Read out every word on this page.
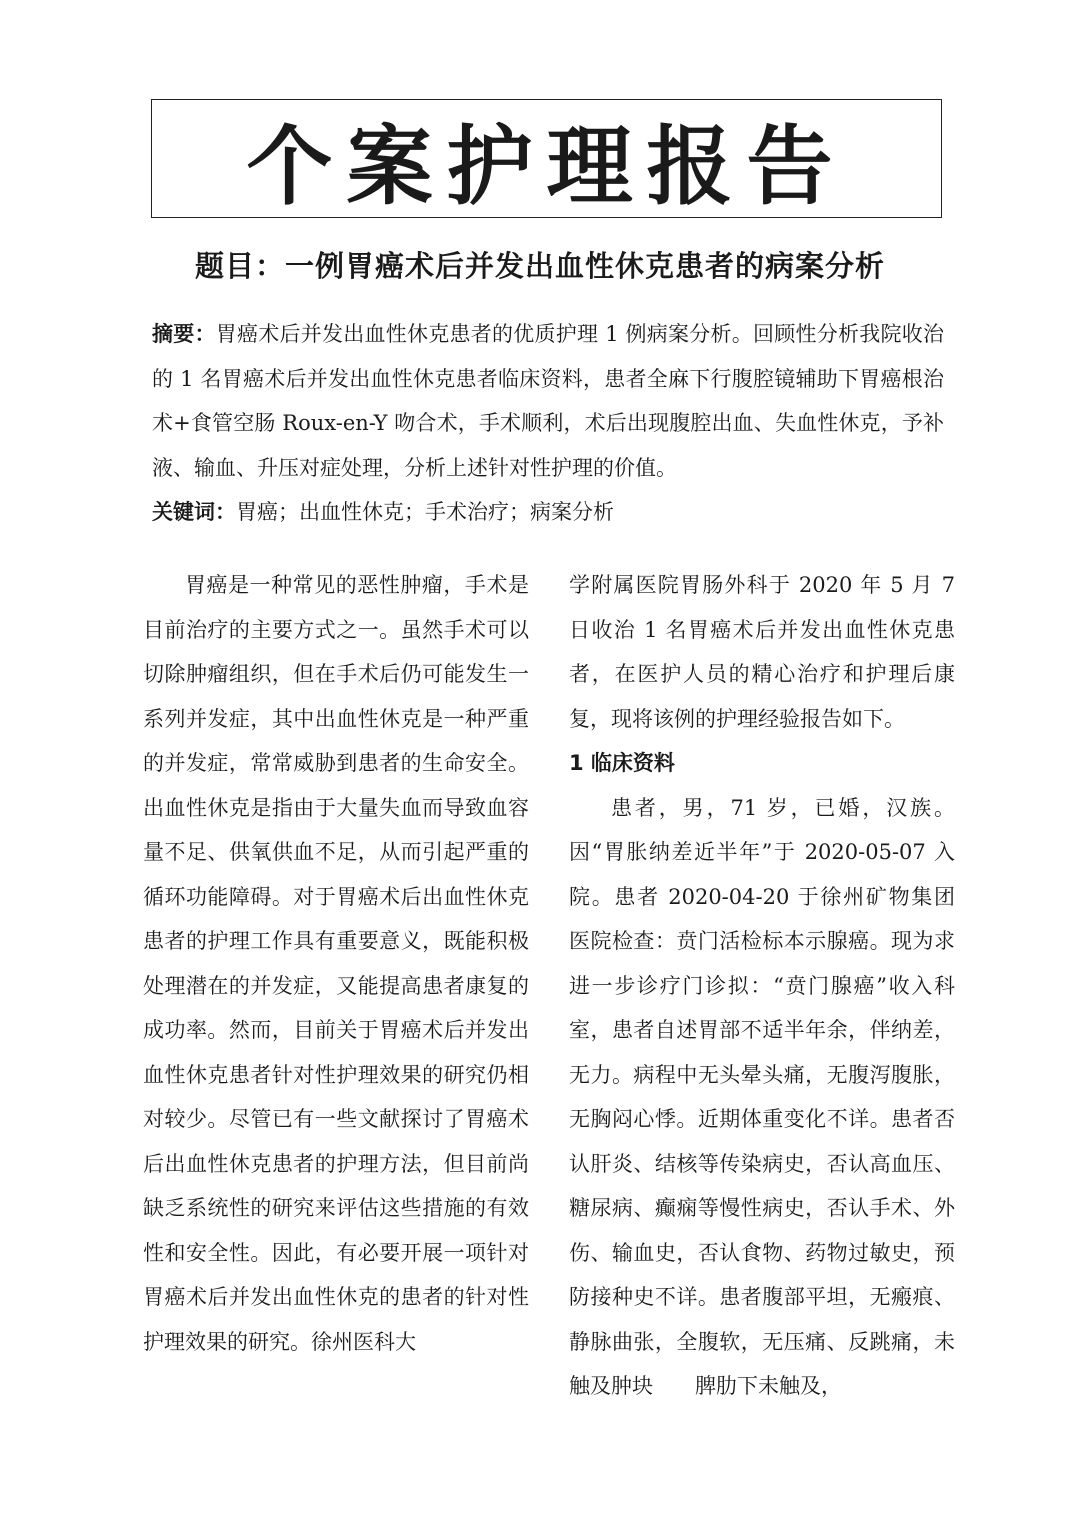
个案护理报告
题目：一例胃癌术后并发出血性休克患者的病案分析

摘要：胃癌术后并发出血性休克患者的优质护理 1 例病案分析。回顾性分析我院收治的 1 名胃癌术后并发出血性休克患者临床资料，患者全麻下行腹腔镜辅助下胃癌根治术+食管空肠 Roux-en-Y 吻合术，手术顺利，术后出现腹腔出血、失血性休克，予补液、输血、升压对症处理，分析上述针对性护理的价值。

关键词：胃癌；出血性休克；手术治疗；病案分析

胃癌是一种常见的恶性肿瘤，手术是目前治疗的主要方式之一。虽然手术可以切除肿瘤组织，但在手术后仍可能发生一系列并发症，其中出血性休克是一种严重的并发症，常常威胁到患者的生命安全。出血性休克是指由于大量失血而导致血容量不足、供氧供血不足，从而引起严重的循环功能障碍。对于胃癌术后出血性休克患者的护理工作具有重要意义，既能积极处理潜在的并发症，又能提高患者康复的成功率。然而，目前关于胃癌术后并发出血性休克患者针对性护理效果的研究仍相对较少。尽管已有一些文献探讨了胃癌术后出血性休克患者的护理方法，但目前尚缺乏系统性的研究来评估这些措施的有效性和安全性。因此，有必要开展一项针对胃癌术后并发出血性休克的患者的针对性护理效果的研究。徐州医科大

学附属医院胃肠外科于 2020 年 5 月 7 日收治 1 名胃癌术后并发出血性休克患者，在医护人员的精心治疗和护理后康复，现将该例的护理经验报告如下。

1 临床资料

患者，男，71 岁，已婚，汉族。因“胃胀纳差近半年”于 2020-05-07 入院。患者 2020-04-20 于徐州矿物集团医院检查：贲门活检标本示腺癌。现为求进一步诊疗门诊拟：“贲门腺癌”收入科室，患者自述胃部不适半年余，伴纳差，无力。病程中无头晕头痛，无腹泻腹胀，无胸闷心悸。近期体重变化不详。患者否认肝炎、结核等传染病史，否认高血压、糖尿病、癫痫等慢性病史，否认手术、外伤、输血史，否认食物、药物过敏史，预防接种史不详。患者腹部平坦，无瘢痕、静脉曲张，全腹软，无压痛、反跳痛，未触及肿块　　脾肋下未触及，
